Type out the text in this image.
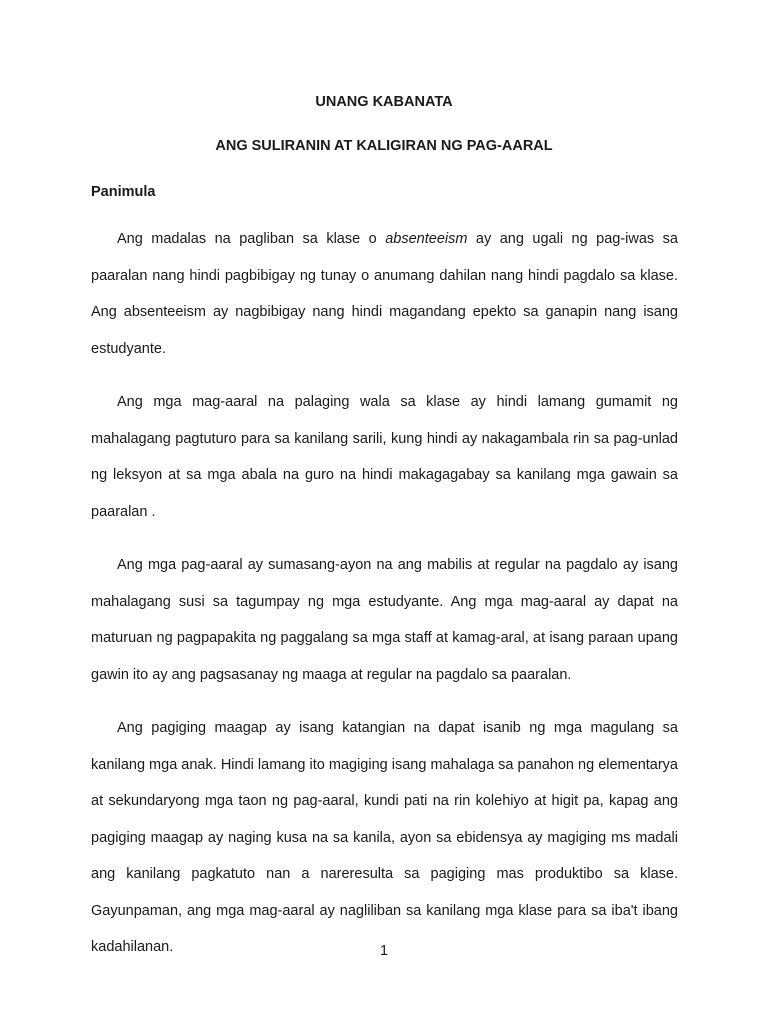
UNANG KABANATA
ANG SULIRANIN AT KALIGIRAN NG PAG-AARAL
Panimula

Ang madalas na pagliban sa klase o absenteeism ay ang ugali ng pag-iwas sa paaralan nang hindi pagbibigay ng tunay o anumang dahilan nang hindi pagdalo sa klase. Ang absenteeism ay nagbibigay nang hindi magandang epekto sa ganapin nang isang estudyante.

Ang mga mag-aaral na palaging wala sa klase ay hindi lamang gumamit ng mahalagang pagtuturo para sa kanilang sarili, kung hindi ay nakagambala rin sa pag-unlad ng leksyon at sa mga abala na guro na hindi makagagabay sa kanilang mga gawain sa paaralan .

Ang mga pag-aaral ay sumasang-ayon na ang mabilis at regular na pagdalo ay isang mahalagang susi sa tagumpay ng mga estudyante. Ang mga mag-aaral ay dapat na maturuan ng pagpapakita ng paggalang sa mga staff at kamag-aral, at isang paraan upang gawin ito ay ang pagsasanay ng maaga at regular na pagdalo sa paaralan.

Ang pagiging maagap ay isang katangian na dapat isanib ng mga magulang sa kanilang mga anak. Hindi lamang ito magiging isang mahalaga sa panahon ng elementarya at sekundaryong mga taon ng pag-aaral, kundi pati na rin kolehiyo at higit pa, kapag ang pagiging maagap ay naging kusa na sa kanila, ayon sa ebidensya ay magiging ms madali ang kanilang pagkatuto nan a nareresulta sa pagiging mas produktibo sa klase. Gayunpaman, ang mga mag-aaral ay nagliliban sa kanilang mga klase para sa iba't ibang kadahilanan.	1
